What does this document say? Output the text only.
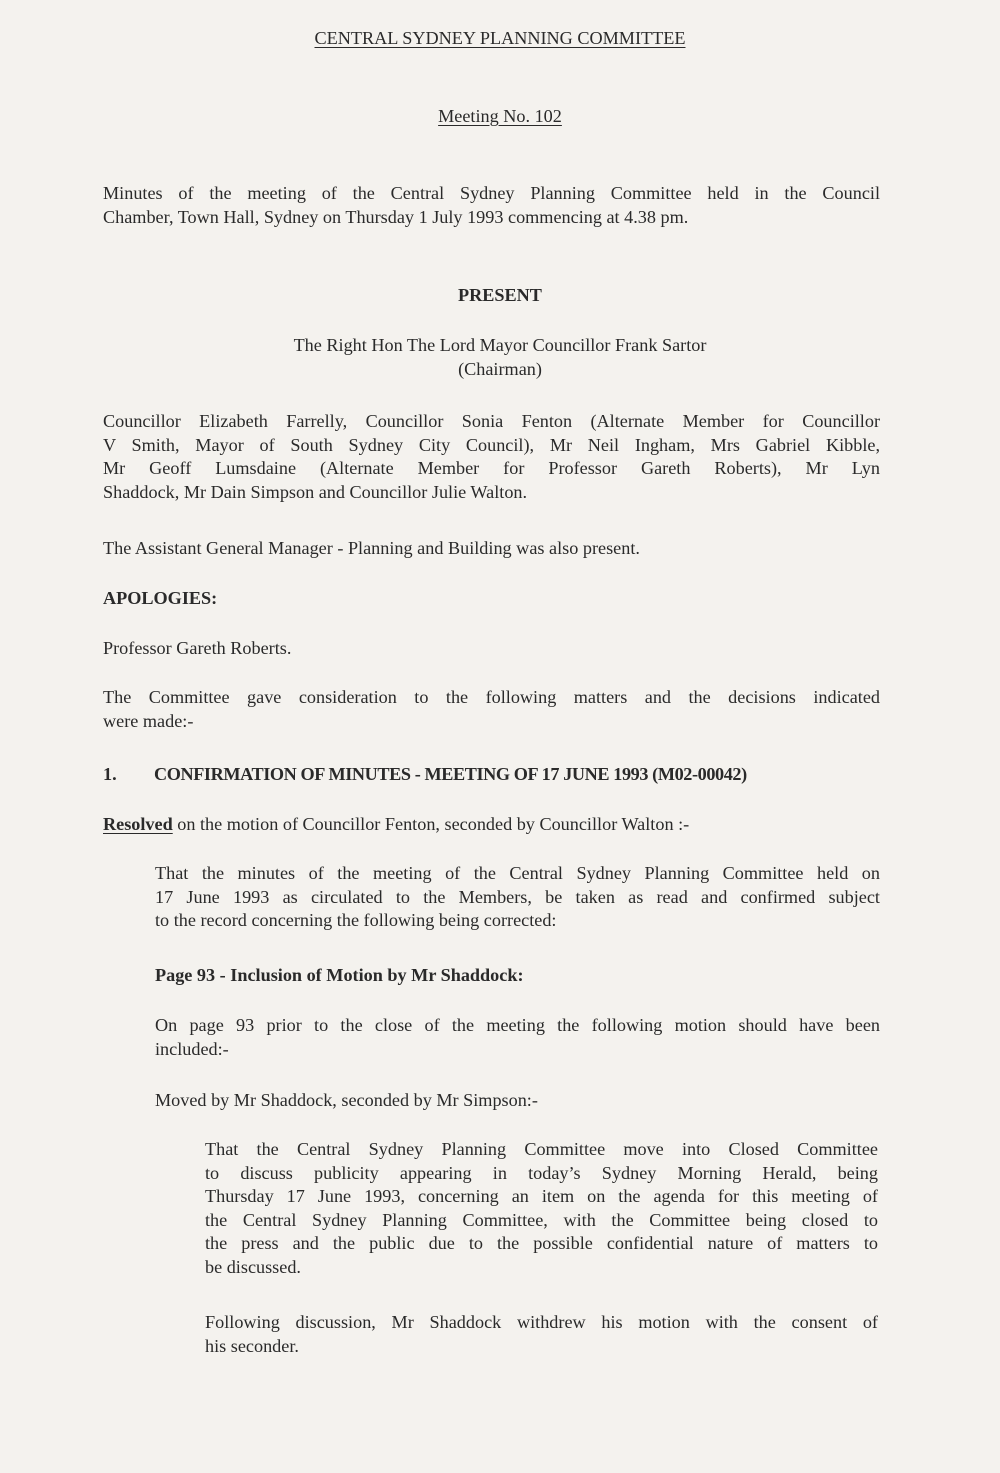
CENTRAL SYDNEY PLANNING COMMITTEE
Meeting No. 102
Minutes of the meeting of the Central Sydney Planning Committee held in the Council
Chamber, Town Hall, Sydney on Thursday 1 July 1993 commencing at 4.38 pm.
PRESENT
The Right Hon The Lord Mayor Councillor Frank Sartor
(Chairman)
Councillor Elizabeth Farrelly, Councillor Sonia Fenton (Alternate Member for Councillor
V Smith, Mayor of South Sydney City Council), Mr Neil Ingham, Mrs Gabriel Kibble,
Mr Geoff Lumsdaine (Alternate Member for Professor Gareth Roberts), Mr Lyn
Shaddock, Mr Dain Simpson and Councillor Julie Walton.
The Assistant General Manager - Planning and Building was also present.
APOLOGIES:
Professor Gareth Roberts.
The Committee gave consideration to the following matters and the decisions indicated
were made:-
1. CONFIRMATION OF MINUTES - MEETING OF 17 JUNE 1993 (M02-00042)
Resolved on the motion of Councillor Fenton, seconded by Councillor Walton :-
That the minutes of the meeting of the Central Sydney Planning Committee held on
17 June 1993 as circulated to the Members, be taken as read and confirmed subject
to the record concerning the following being corrected:
Page 93 - Inclusion of Motion by Mr Shaddock:
On page 93 prior to the close of the meeting the following motion should have been
included:-
Moved by Mr Shaddock, seconded by Mr Simpson:-
That the Central Sydney Planning Committee move into Closed Committee
to discuss publicity appearing in today’s Sydney Morning Herald, being
Thursday 17 June 1993, concerning an item on the agenda for this meeting of
the Central Sydney Planning Committee, with the Committee being closed to
the press and the public due to the possible confidential nature of matters to
be discussed.
Following discussion, Mr Shaddock withdrew his motion with the consent of
his seconder.
